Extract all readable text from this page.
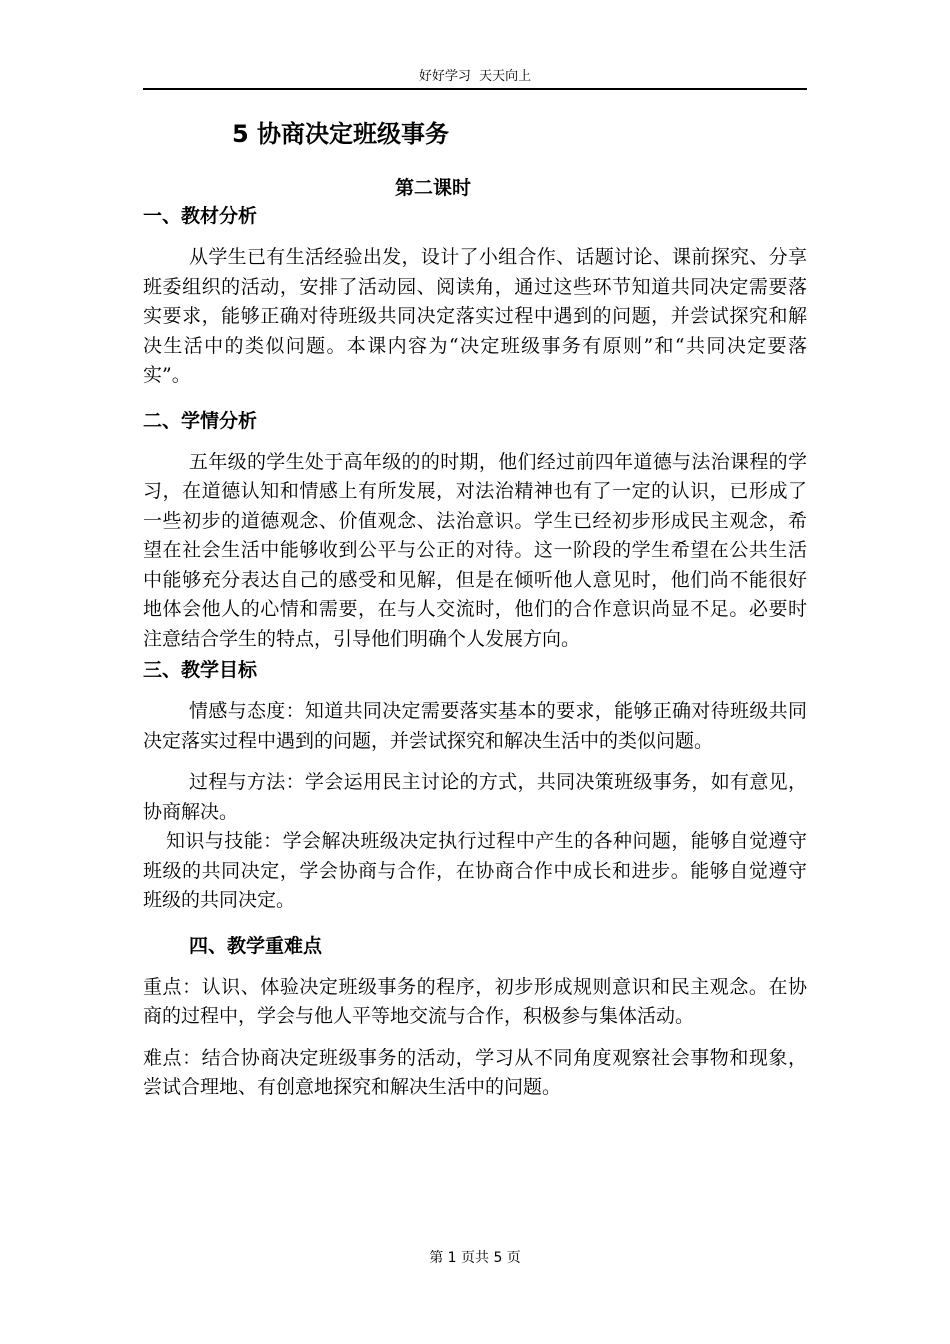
好好学习  天天向上
5 协商决定班级事务
第二课时

一、教材分析

从学生已有生活经验出发，设计了小组合作、话题讨论、课前探究、分享班委组织的活动，安排了活动园、阅读角，通过这些环节知道共同决定需要落实要求，能够正确对待班级共同决定落实过程中遇到的问题，并尝试探究和解决生活中的类似问题。本课内容为“决定班级事务有原则”和“共同决定要落实”。

二、学情分析

五年级的学生处于高年级的的时期，他们经过前四年道德与法治课程的学习，在道德认知和情感上有所发展，对法治精神也有了一定的认识，已形成了一些初步的道德观念、价值观念、法治意识。学生已经初步形成民主观念，希望在社会生活中能够收到公平与公正的对待。这一阶段的学生希望在公共生活中能够充分表达自己的感受和见解，但是在倾听他人意见时，他们尚不能很好地体会他人的心情和需要，在与人交流时，他们的合作意识尚显不足。必要时注意结合学生的特点，引导他们明确个人发展方向。

三、教学目标

情感与态度：知道共同决定需要落实基本的要求，能够正确对待班级共同决定落实过程中遇到的问题，并尝试探究和解决生活中的类似问题。

过程与方法：学会运用民主讨论的方式，共同决策班级事务，如有意见，协商解决。

知识与技能：学会解决班级决定执行过程中产生的各种问题，能够自觉遵守班级的共同决定，学会协商与合作，在协商合作中成长和进步。能够自觉遵守班级的共同决定。

四、教学重难点

重点：认识、体验决定班级事务的程序，初步形成规则意识和民主观念。在协商的过程中，学会与他人平等地交流与合作，积极参与集体活动。

难点：结合协商决定班级事务的活动，学习从不同角度观察社会事物和现象，尝试合理地、有创意地探究和解决生活中的问题。

第 1 页共 5 页
